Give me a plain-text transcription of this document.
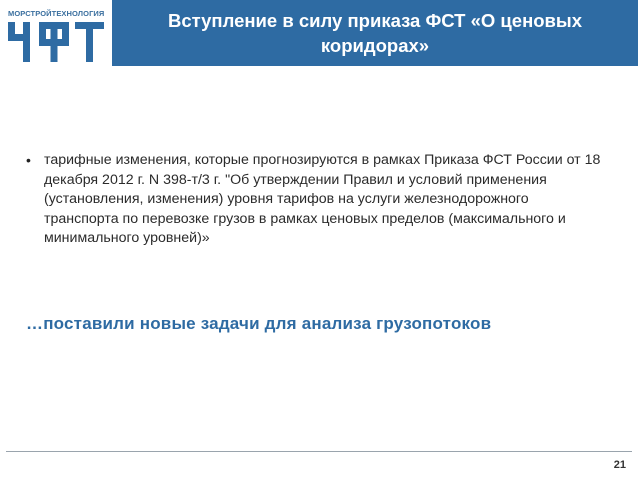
МОРСТРОЙТЕХНОЛОГИЯ	Вступление в силу приказа ФСТ «О ценовых коридорах»
• тарифные изменения, которые прогнозируются в рамках Приказа ФСТ России от 18 декабря 2012 г. N 398-т/3 г. "Об утверждении Правил и условий применения (установления, изменения) уровня тарифов на услуги железнодорожного транспорта по перевозке грузов в рамках ценовых пределов (максимального и минимального уровней)»
…поставили новые задачи для анализа грузопотоков
21
